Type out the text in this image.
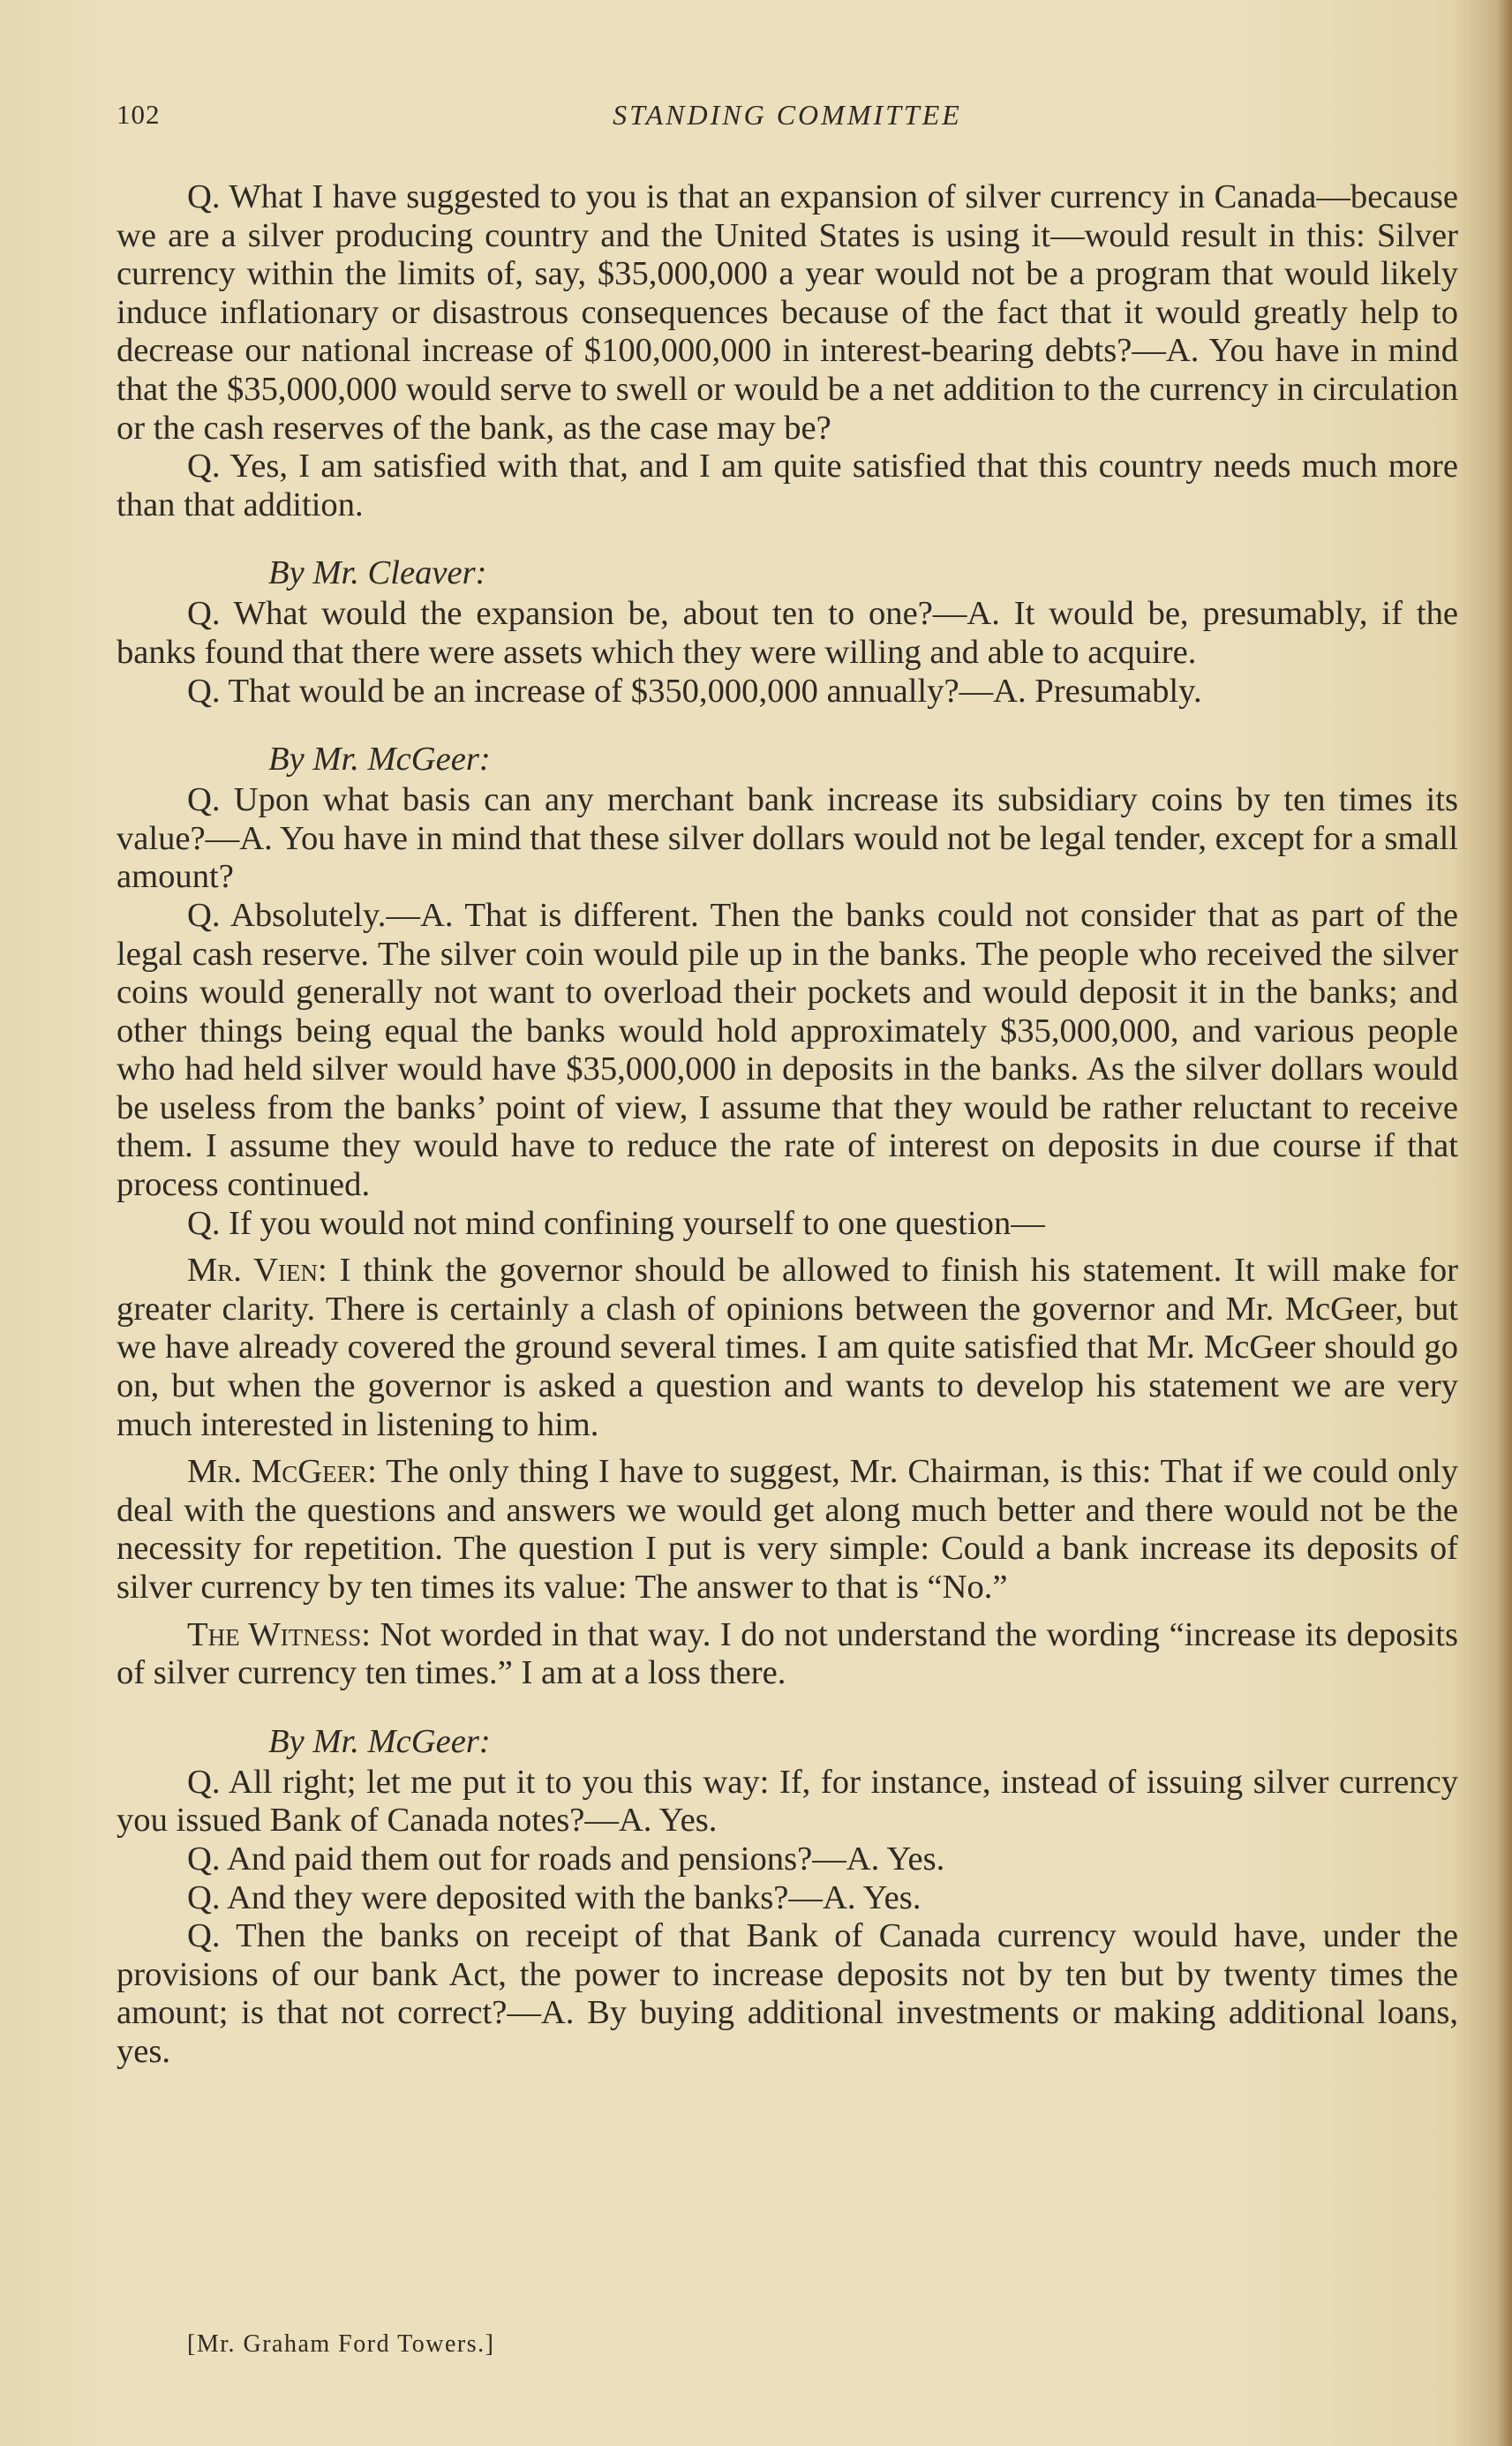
102	STANDING COMMITTEE

Q. What I have suggested to you is that an expansion of silver currency in Canada—because we are a silver producing country and the United States is using it—would result in this: Silver currency within the limits of, say, $35,000,000 a year would not be a program that would likely induce inflationary or disastrous consequences because of the fact that it would greatly help to decrease our national increase of $100,000,000 in interest-bearing debts?—A. You have in mind that the $35,000,000 would serve to swell or would be a net addition to the currency in circulation or the cash reserves of the bank, as the case may be?

Q. Yes, I am satisfied with that, and I am quite satisfied that this country needs much more than that addition.

By Mr. Cleaver:

Q. What would the expansion be, about ten to one?—A. It would be, presumably, if the banks found that there were assets which they were willing and able to acquire.

Q. That would be an increase of $350,000,000 annually?—A. Presumably.

By Mr. McGeer:

Q. Upon what basis can any merchant bank increase its subsidiary coins by ten times its value?—A. You have in mind that these silver dollars would not be legal tender, except for a small amount?

Q. Absolutely.—A. That is different. Then the banks could not consider that as part of the legal cash reserve. The silver coin would pile up in the banks. The people who received the silver coins would generally not want to overload their pockets and would deposit it in the banks; and other things being equal the banks would hold approximately $35,000,000, and various people who had held silver would have $35,000,000 in deposits in the banks. As the silver dollars would be useless from the banks’ point of view, I assume that they would be rather reluctant to receive them. I assume they would have to reduce the rate of interest on deposits in due course if that process continued.

Q. If you would not mind confining yourself to one question—

Mr. Vien: I think the governor should be allowed to finish his statement. It will make for greater clarity. There is certainly a clash of opinions between the governor and Mr. McGeer, but we have already covered the ground several times. I am quite satisfied that Mr. McGeer should go on, but when the governor is asked a question and wants to develop his statement we are very much interested in listening to him.

Mr. McGeer: The only thing I have to suggest, Mr. Chairman, is this: That if we could only deal with the questions and answers we would get along much better and there would not be the necessity for repetition. The question I put is very simple: Could a bank increase its deposits of silver currency by ten times its value: The answer to that is “No.”

The Witness: Not worded in that way. I do not understand the wording “increase its deposits of silver currency ten times.” I am at a loss there.

By Mr. McGeer:

Q. All right; let me put it to you this way: If, for instance, instead of issuing silver currency you issued Bank of Canada notes?—A. Yes.

Q. And paid them out for roads and pensions?—A. Yes.

Q. And they were deposited with the banks?—A. Yes.

Q. Then the banks on receipt of that Bank of Canada currency would have, under the provisions of our bank Act, the power to increase deposits not by ten but by twenty times the amount; is that not correct?—A. By buying additional investments or making additional loans, yes.

[Mr. Graham Ford Towers.]
